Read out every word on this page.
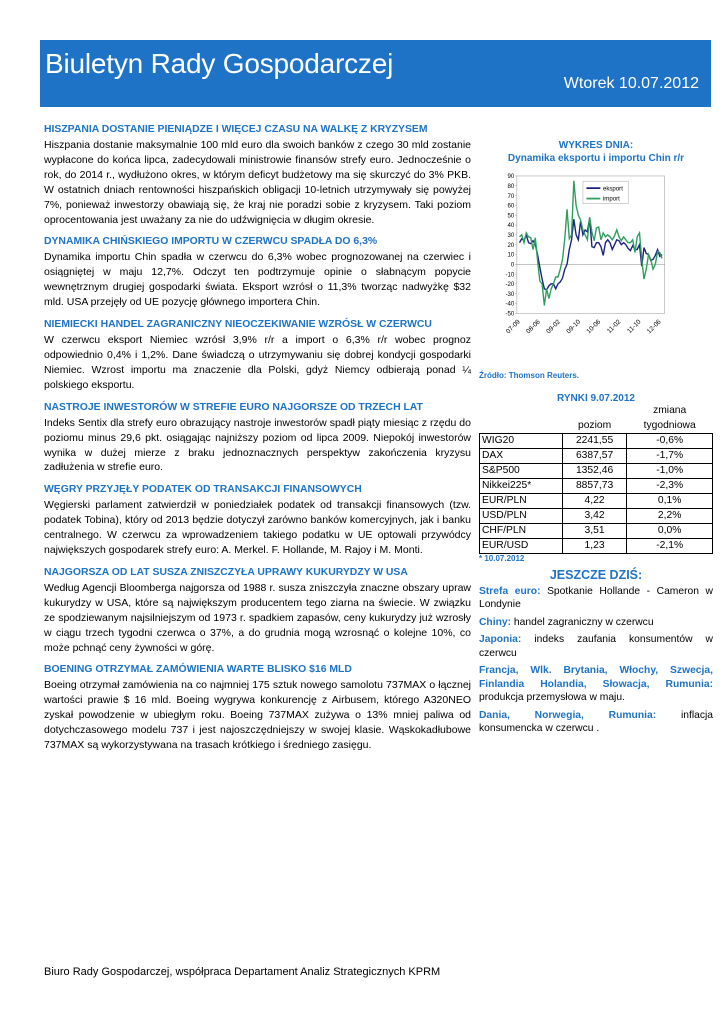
Biuletyn Rady Gospodarczej
Wtorek 10.07.2012
HISZPANIA DOSTANIE PIENIĄDZE I WIĘCEJ CZASU NA WALKĘ Z KRYZYSEM
Hiszpania dostanie maksymalnie 100 mld euro dla swoich banków z czego 30 mld zostanie wypłacone do końca lipca, zadecydowali ministrowie finansów strefy euro. Jednocześnie o rok, do 2014 r., wydłużono okres, w którym deficyt budżetowy ma się skurczyć do 3% PKB. W ostatnich dniach rentowności hiszpańskich obligacji 10-letnich utrzymywały się powyżej 7%, ponieważ inwestorzy obawiają się, że kraj nie poradzi sobie z kryzysem. Taki poziom oprocentowania jest uważany za nie do udźwignięcia w długim okresie.
DYNAMIKA CHIŃSKIEGO IMPORTU W CZERWCU SPADŁA DO 6,3%
Dynamika importu Chin spadła w czerwcu do 6,3% wobec prognozowanej na czerwiec i osiągniętej w maju 12,7%. Odczyt ten podtrzymuje opinie o słabnącym popycie wewnętrznym drugiej gospodarki świata. Eksport wzrósł o 11,3% tworząc nadwyżkę $32 mld. USA przejęły od UE pozycję głównego importera Chin.
NIEMIECKI HANDEL ZAGRANICZNY NIEOCZEKIWANIE WZRÓSŁ W CZERWCU
W czerwcu eksport Niemiec wzrósł 3,9% r/r a import o 6,3% r/r wobec prognoz odpowiednio 0,4% i 1,2%. Dane świadczą o utrzymywaniu się dobrej kondycji gospodarki Niemiec. Wzrost importu ma znaczenie dla Polski, gdyż Niemcy odbierają ponad ¼ polskiego eksportu.
NASTROJE INWESTORÓW W STREFIE EURO NAJGORSZE OD TRZECH LAT
Indeks Sentix dla strefy euro obrazujący nastroje inwestorów spadł piąty miesiąc z rzędu do poziomu minus 29,6 pkt. osiągając najniższy poziom od lipca 2009. Niepokój inwestorów wynika w dużej mierze z braku jednoznacznych perspektyw zakończenia kryzysu zadłużenia w strefie euro.
WĘGRY PRZYJĘŁY PODATEK OD TRANSAKCJI FINANSOWYCH
Węgierski parlament zatwierdził w poniedziałek podatek od transakcji finansowych (tzw. podatek Tobina), który od 2013 będzie dotyczył zarówno banków komercyjnych, jak i banku centralnego. W czerwcu za wprowadzeniem takiego podatku w UE optowali przywódcy największych gospodarek strefy euro: A. Merkel. F. Hollande, M. Rajoy i M. Monti.
NAJGORSZA OD LAT SUSZA ZNISZCZYŁA UPRAWY KUKURYDZY W USA
Według Agencji Bloomberga najgorsza od 1988 r. susza zniszczyła znaczne obszary upraw kukurydzy w USA, które są największym producentem tego ziarna na świecie. W związku ze spodziewanym najsilniejszym od 1973 r. spadkiem zapasów, ceny kukurydzy już wzrosły w ciągu trzech tygodni czerwca o 37%, a do grudnia mogą wzrosnąć o kolejne 10%, co może pchnąć ceny żywności w górę.
BOENING OTRZYMAŁ ZAMÓWIENIA WARTE BLISKO $16 MLD
Boeing otrzymał zamówienia na co najmniej 175 sztuk nowego samolotu 737MAX o łącznej wartości prawie $ 16 mld. Boeing wygrywa konkurencję z Airbusem, którego A320NEO zyskał powodzenie w ubiegłym roku. Boeing 737MAX zużywa o 13% mniej paliwa od dotychczasowego modelu 737 i jest najoszczędniejszy w swojej klasie. Wąskokadłubowe 737MAX są wykorzystywana na trasach krótkiego i średniego zasięgu.
WYKRES DNIA:
Dynamika eksportu i importu Chin r/r
90
80
70
60
50
40
30
20
10
0
-10
-20
-30
-40
-50
07-09 08-06 09-02 09-10 10-06 11-02 11-10 12-06
eksport
import
Źródło: Thomson Reuters.
RYNKI 9.07.2012
		zmiana
	poziom	tygodniowa
WIG20	2241,55	-0,6%
DAX	6387,57	-1,7%
S&P500	1352,46	-1,0%
Nikkei225*	8857,73	-2,3%
EUR/PLN	4,22	0,1%
USD/PLN	3,42	2,2%
CHF/PLN	3,51	0,0%
EUR/USD	1,23	-2,1%
* 10.07.2012
JESZCZE DZIŚ:
Strefa euro: Spotkanie Hollande - Cameron w Londynie
Chiny: handel zagraniczny w czerwcu
Japonia: indeks zaufania konsumentów w czerwcu
Francja, Wlk. Brytania, Włochy, Szwecja, Finlandia Holandia, Słowacja, Rumunia: produkcja przemysłowa w maju.
Dania, Norwegia, Rumunia: inflacja konsumencka w czerwcu .
Biuro Rady Gospodarczej, współpraca Departament Analiz Strategicznych KPRM
